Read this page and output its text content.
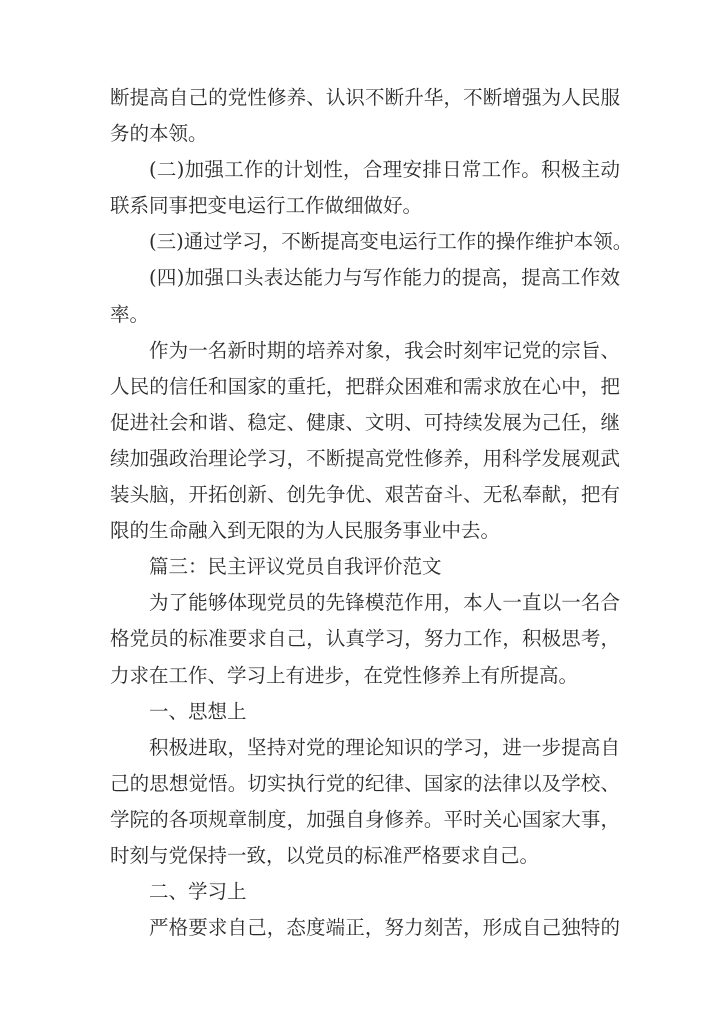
断提高自己的党性修养、认识不断升华，不断增强为人民服
务的本领。
(二)加强工作的计划性，合理安排日常工作。积极主动
联系同事把变电运行工作做细做好。
(三)通过学习，不断提高变电运行工作的操作维护本领。
(四)加强口头表达能力与写作能力的提高，提高工作效
率。
作为一名新时期的培养对象，我会时刻牢记党的宗旨、
人民的信任和国家的重托，把群众困难和需求放在心中，把
促进社会和谐、稳定、健康、文明、可持续发展为己任，继
续加强政治理论学习，不断提高党性修养，用科学发展观武
装头脑，开拓创新、创先争优、艰苦奋斗、无私奉献，把有
限的生命融入到无限的为人民服务事业中去。
篇三：民主评议党员自我评价范文
为了能够体现党员的先锋模范作用，本人一直以一名合
格党员的标准要求自己，认真学习，努力工作，积极思考，
力求在工作、学习上有进步，在党性修养上有所提高。
一、思想上
积极进取，坚持对党的理论知识的学习，进一步提高自
己的思想觉悟。切实执行党的纪律、国家的法律以及学校、
学院的各项规章制度，加强自身修养。平时关心国家大事，
时刻与党保持一致，以党员的标准严格要求自己。
二、学习上
严格要求自己，态度端正，努力刻苦，形成自己独特的
